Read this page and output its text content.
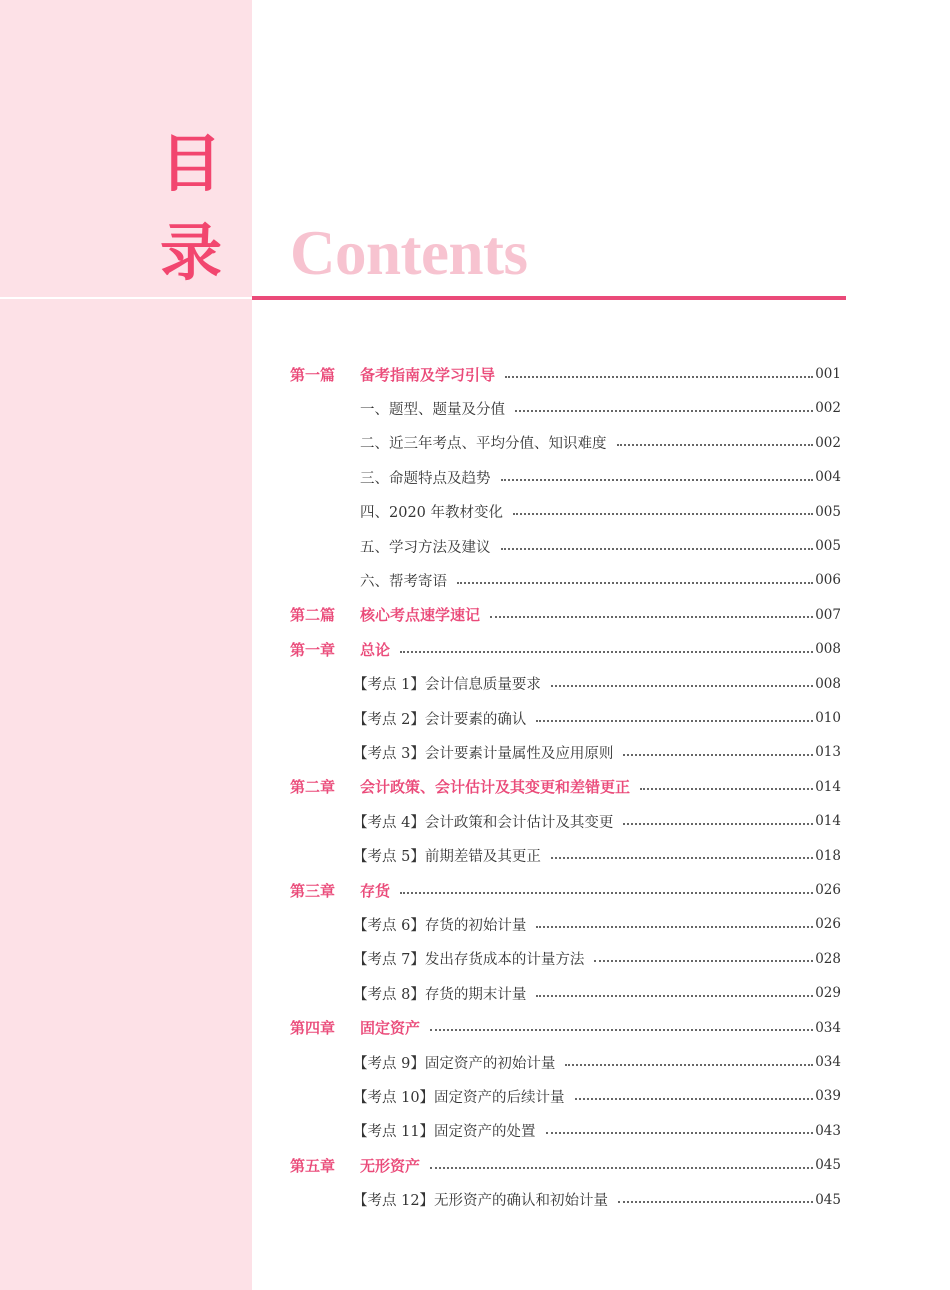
目
录 Contents
第一篇	备考指南及学习引导	001
一、题型、题量及分值	002
二、近三年考点、平均分值、知识难度	002
三、命题特点及趋势	004
四、2020 年教材变化	005
五、学习方法及建议	005
六、帮考寄语	006
第二篇	核心考点速学速记	007
第一章	总论	008
【考点 1】会计信息质量要求	008
【考点 2】会计要素的确认	010
【考点 3】会计要素计量属性及应用原则	013
第二章	会计政策、会计估计及其变更和差错更正	014
【考点 4】会计政策和会计估计及其变更	014
【考点 5】前期差错及其更正	018
第三章	存货	026
【考点 6】存货的初始计量	026
【考点 7】发出存货成本的计量方法	028
【考点 8】存货的期末计量	029
第四章	固定资产	034
【考点 9】固定资产的初始计量	034
【考点 10】固定资产的后续计量	039
【考点 11】固定资产的处置	043
第五章	无形资产	045
【考点 12】无形资产的确认和初始计量	045
